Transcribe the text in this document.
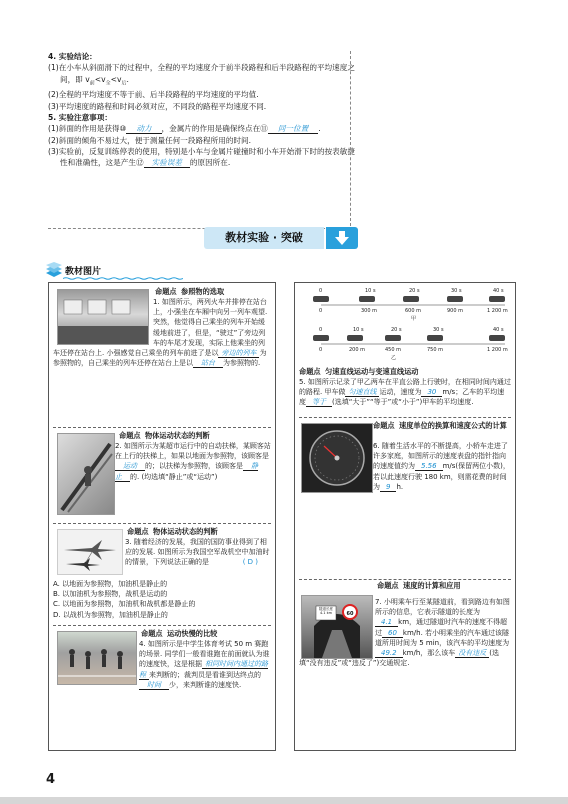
4. 实验结论：
(1)在小车从斜面滑下的过程中，全程的平均速度介于前半段路程和后半段路程的平均速度之间，即 $v_前<v_全<v_后$.
(2)全程的平均速度不等于前、后半段路程的平均速度的平均值.
(3)平均速度的路程和时间必须对应，不同段的路程平均速度不同.
5. 实验注意事项：
(1)斜面的作用是获得⑩ 动力 ，金属片的作用是确保终点在⑪ 同一位置 .
(2)斜面的倾角不易过大，便于测量任何一段路程所用的时间.
(3)实验前，反复训练停表的使用，特别是小车与金属片碰撞时和小车开始滑下时的按表敏捷性和准确性，这是产生⑫ 实验误差 的原因所在.
教材实验 · 突破
教材图片
命题点 参照物的选取
1. 如图所示，两列火车并排停在站台上，小强坐在车厢中向另一列车观望. 突然，他觉得自己乘坐的列车开始缓缓地前进了，但是，“驶过”了旁边列车的车尾才发现，实际上他乘坐的列车还停在站台上. 小强感觉自己乘坐的列车前进了是以 旁边的列车 为参照物的，自己乘坐的列车还停在站台上是以 站台 为参照物的.
命题点 物体运动状态的判断
2. 如图所示为某超市运行中的自动扶梯，某顾客站在上行的扶梯上，如果以地面为参照物，该顾客是运动 的；以扶梯为参照物，该顾客是 静止 的. (均选填“静止”或“运动”)
命题点 物体运动状态的判断
3. 随着经济的发展，我国的国防事业得到了相应的发展. 如图所示为我国空军战机空中加油时的情景，下列说法正确的是	( D )
A. 以地面为参照物，加油机是静止的
B. 以加油机为参照物，战机是运动的
C. 以地面为参照物，加油机和战机都是静止的
D. 以战机为参照物，加油机是静止的
命题点 运动快慢的比较
4. 如图所示是中学生体育考试 50 m 赛跑的场景. 同学们一般看谁跑在前面就认为谁的速度快，这是根据 相同时间内通过的路程 来判断的；裁判员是看谁到达终点的时间 少，来判断谁的速度快.
0	10 s	20 s	30 s	40 s
0	300 m	600 m	900 m	1 200 m
甲
0	10 s	20 s	30 s	40 s
0	200 m	450 m	750 m	1 200 m
乙
命题点 匀速直线运动与变速直线运动
5. 如图所示记录了甲乙两车在平直公路上行驶时，在相同时间内通过的路程. 甲车做 匀速直线 运动，速度为 30 m/s；乙车的平均速度 等于 (选填“大于”“等于”或“小于”)甲车的平均速度.
命题点 速度单位的换算和速度公式的计算
6. 随着生活水平的不断提高，小轿车走进了许多家庭，如图所示的速度表盘的指针指向的速度值约为 5.56 m/s(保留两位小数)，若以此速度行驶 180 km，则需花费的时间为 9 h.
隧道长度 4.1 km	60
命题点 速度的计算和应用
7. 小明乘车行至某隧道前，看到路边有如图所示的信息，它表示隧道的长度为4.1 km，通过隧道时汽车的速度不得超过 60 km/h. 若小明乘坐的汽车通过该隧道所用时间为 5 min，该汽车的平均速度为49.2 km/h，那么该车 没有违反 (选填“没有违反”或“违反了”)交通规定.
4
